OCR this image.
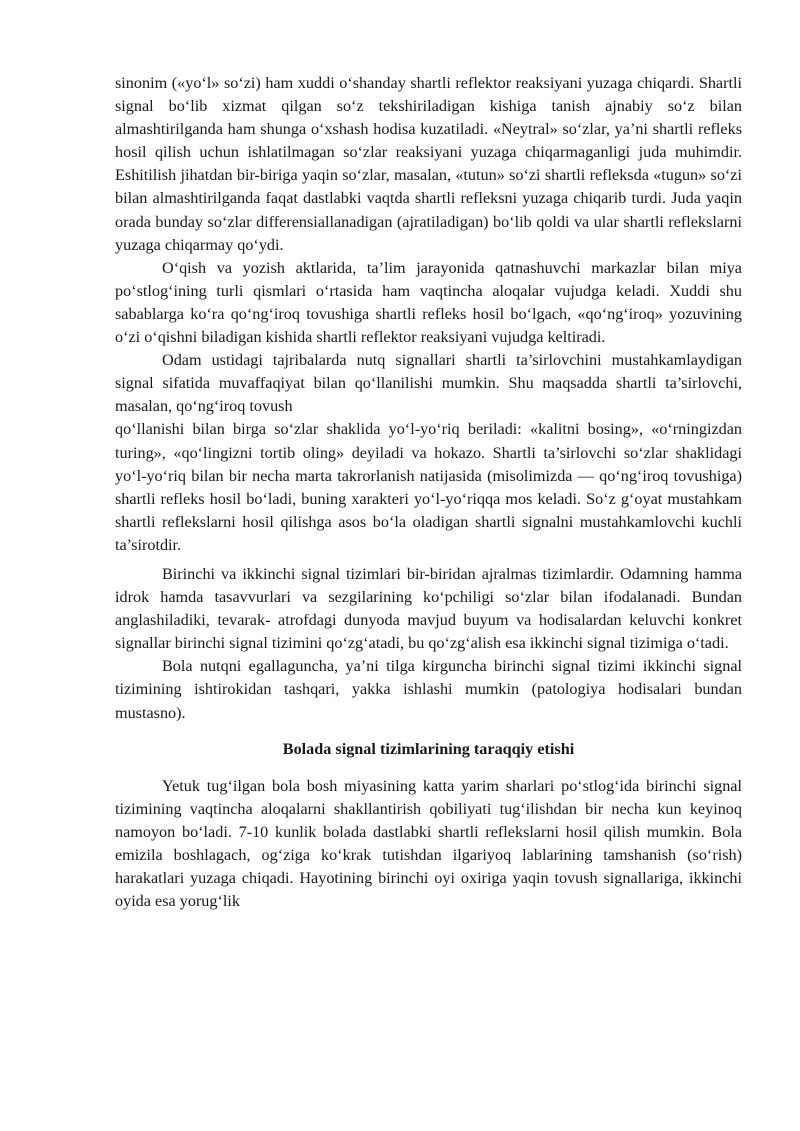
sinonim («yo‘l» so‘zi) ham xuddi o‘shanday shartli reflektor reaksiyani yuzaga chiqardi. Shartli signal bo‘lib xizmat qilgan so‘z tekshiriladigan kishiga tanish ajnabiy so‘z bilan almashtirilganda ham shunga o‘xshash hodisa kuzatiladi. «Neytral» so‘zlar, ya’ni shartli refleks hosil qilish uchun ishlatilmagan so‘zlar reaksiyani yuzaga chiqarmaganligi juda muhimdir. Eshitilish jihatdan bir-biriga yaqin so‘zlar, masalan, «tutun» so‘zi shartli refleksda «tugun» so‘zi bilan almashtirilganda faqat dastlabki vaqtda shartli refleksni yuzaga chiqarib turdi. Juda yaqin orada bunday so‘zlar differensiallanadigan (ajratiladigan) bo‘lib qoldi va ular shartli reflekslarni yuzaga chiqarmay qo‘ydi.

O‘qish va yozish aktlarida, ta’lim jarayonida qatnashuvchi markazlar bilan miya po‘stlog‘ining turli qismlari o‘rtasida ham vaqtincha aloqalar vujudga keladi. Xuddi shu sabablarga ko‘ra qo‘ng‘iroq tovushiga shartli refleks hosil bo‘lgach, «qo‘ng‘iroq» yozuvining o‘zi o‘qishni biladigan kishida shartli reflektor reaksiyani vujudga keltiradi.

Odam ustidagi tajribalarda nutq signallari shartli ta’sirlovchini mustahkamlaydigan signal sifatida muvaffaqiyat bilan qo‘llanilishi mumkin. Shu maqsadda shartli ta’sirlovchi, masalan, qo‘ng‘iroq tovush

qo‘llanishi bilan birga so‘zlar shaklida yo‘l-yo‘riq beriladi: «kalitni bosing», «o‘rningizdan turing», «qo‘lingizni tortib oling» deyiladi va hokazo. Shartli ta’sirlovchi so‘zlar shaklidagi yo‘l-yo‘riq bilan bir necha marta takrorlanish natijasida (misolimizda — qo‘ng‘iroq tovushiga) shartli refleks hosil bo‘ladi, buning xarakteri yo‘l-yo‘riqqa mos keladi. So‘z g‘oyat mustahkam shartli reflekslarni hosil qilishga asos bo‘la oladigan shartli signalni mustahkamlovchi kuchli ta’sirotdir.

Birinchi va ikkinchi signal tizimlari bir-biridan ajralmas tizimlardir. Odamning hamma idrok hamda tasavvurlari va sezgilarining ko‘pchiligi so‘zlar bilan ifodalanadi. Bundan anglashiladiki, tevarak- atrofdagi dunyoda mavjud buyum va hodisalardan keluvchi konkret signallar birinchi signal tizimini qo‘zg‘atadi, bu qo‘zg‘alish esa ikkinchi signal tizimiga o‘tadi.

Bola nutqni egallaguncha, ya’ni tilga kirguncha birinchi signal tizimi ikkinchi signal tizimining ishtirokidan tashqari, yakka ishlashi mumkin (patologiya hodisalari bundan mustasno).

Bolada signal tizimlarining taraqqiy etishi

Yetuk tug‘ilgan bola bosh miyasining katta yarim sharlari po‘stlog‘ida birinchi signal tizimining vaqtincha aloqalarni shakllantirish qobiliyati tug‘ilishdan bir necha kun keyinoq namoyon bo‘ladi. 7-10 kunlik bolada dastlabki shartli reflekslarni hosil qilish mumkin. Bola emizila boshlagach, og‘ziga ko‘krak tutishdan ilgariyoq lablarining tamshanish (so‘rish) harakatlari yuzaga chiqadi. Hayotining birinchi oyi oxiriga yaqin tovush signallariga, ikkinchi oyida esa yorug‘lik
